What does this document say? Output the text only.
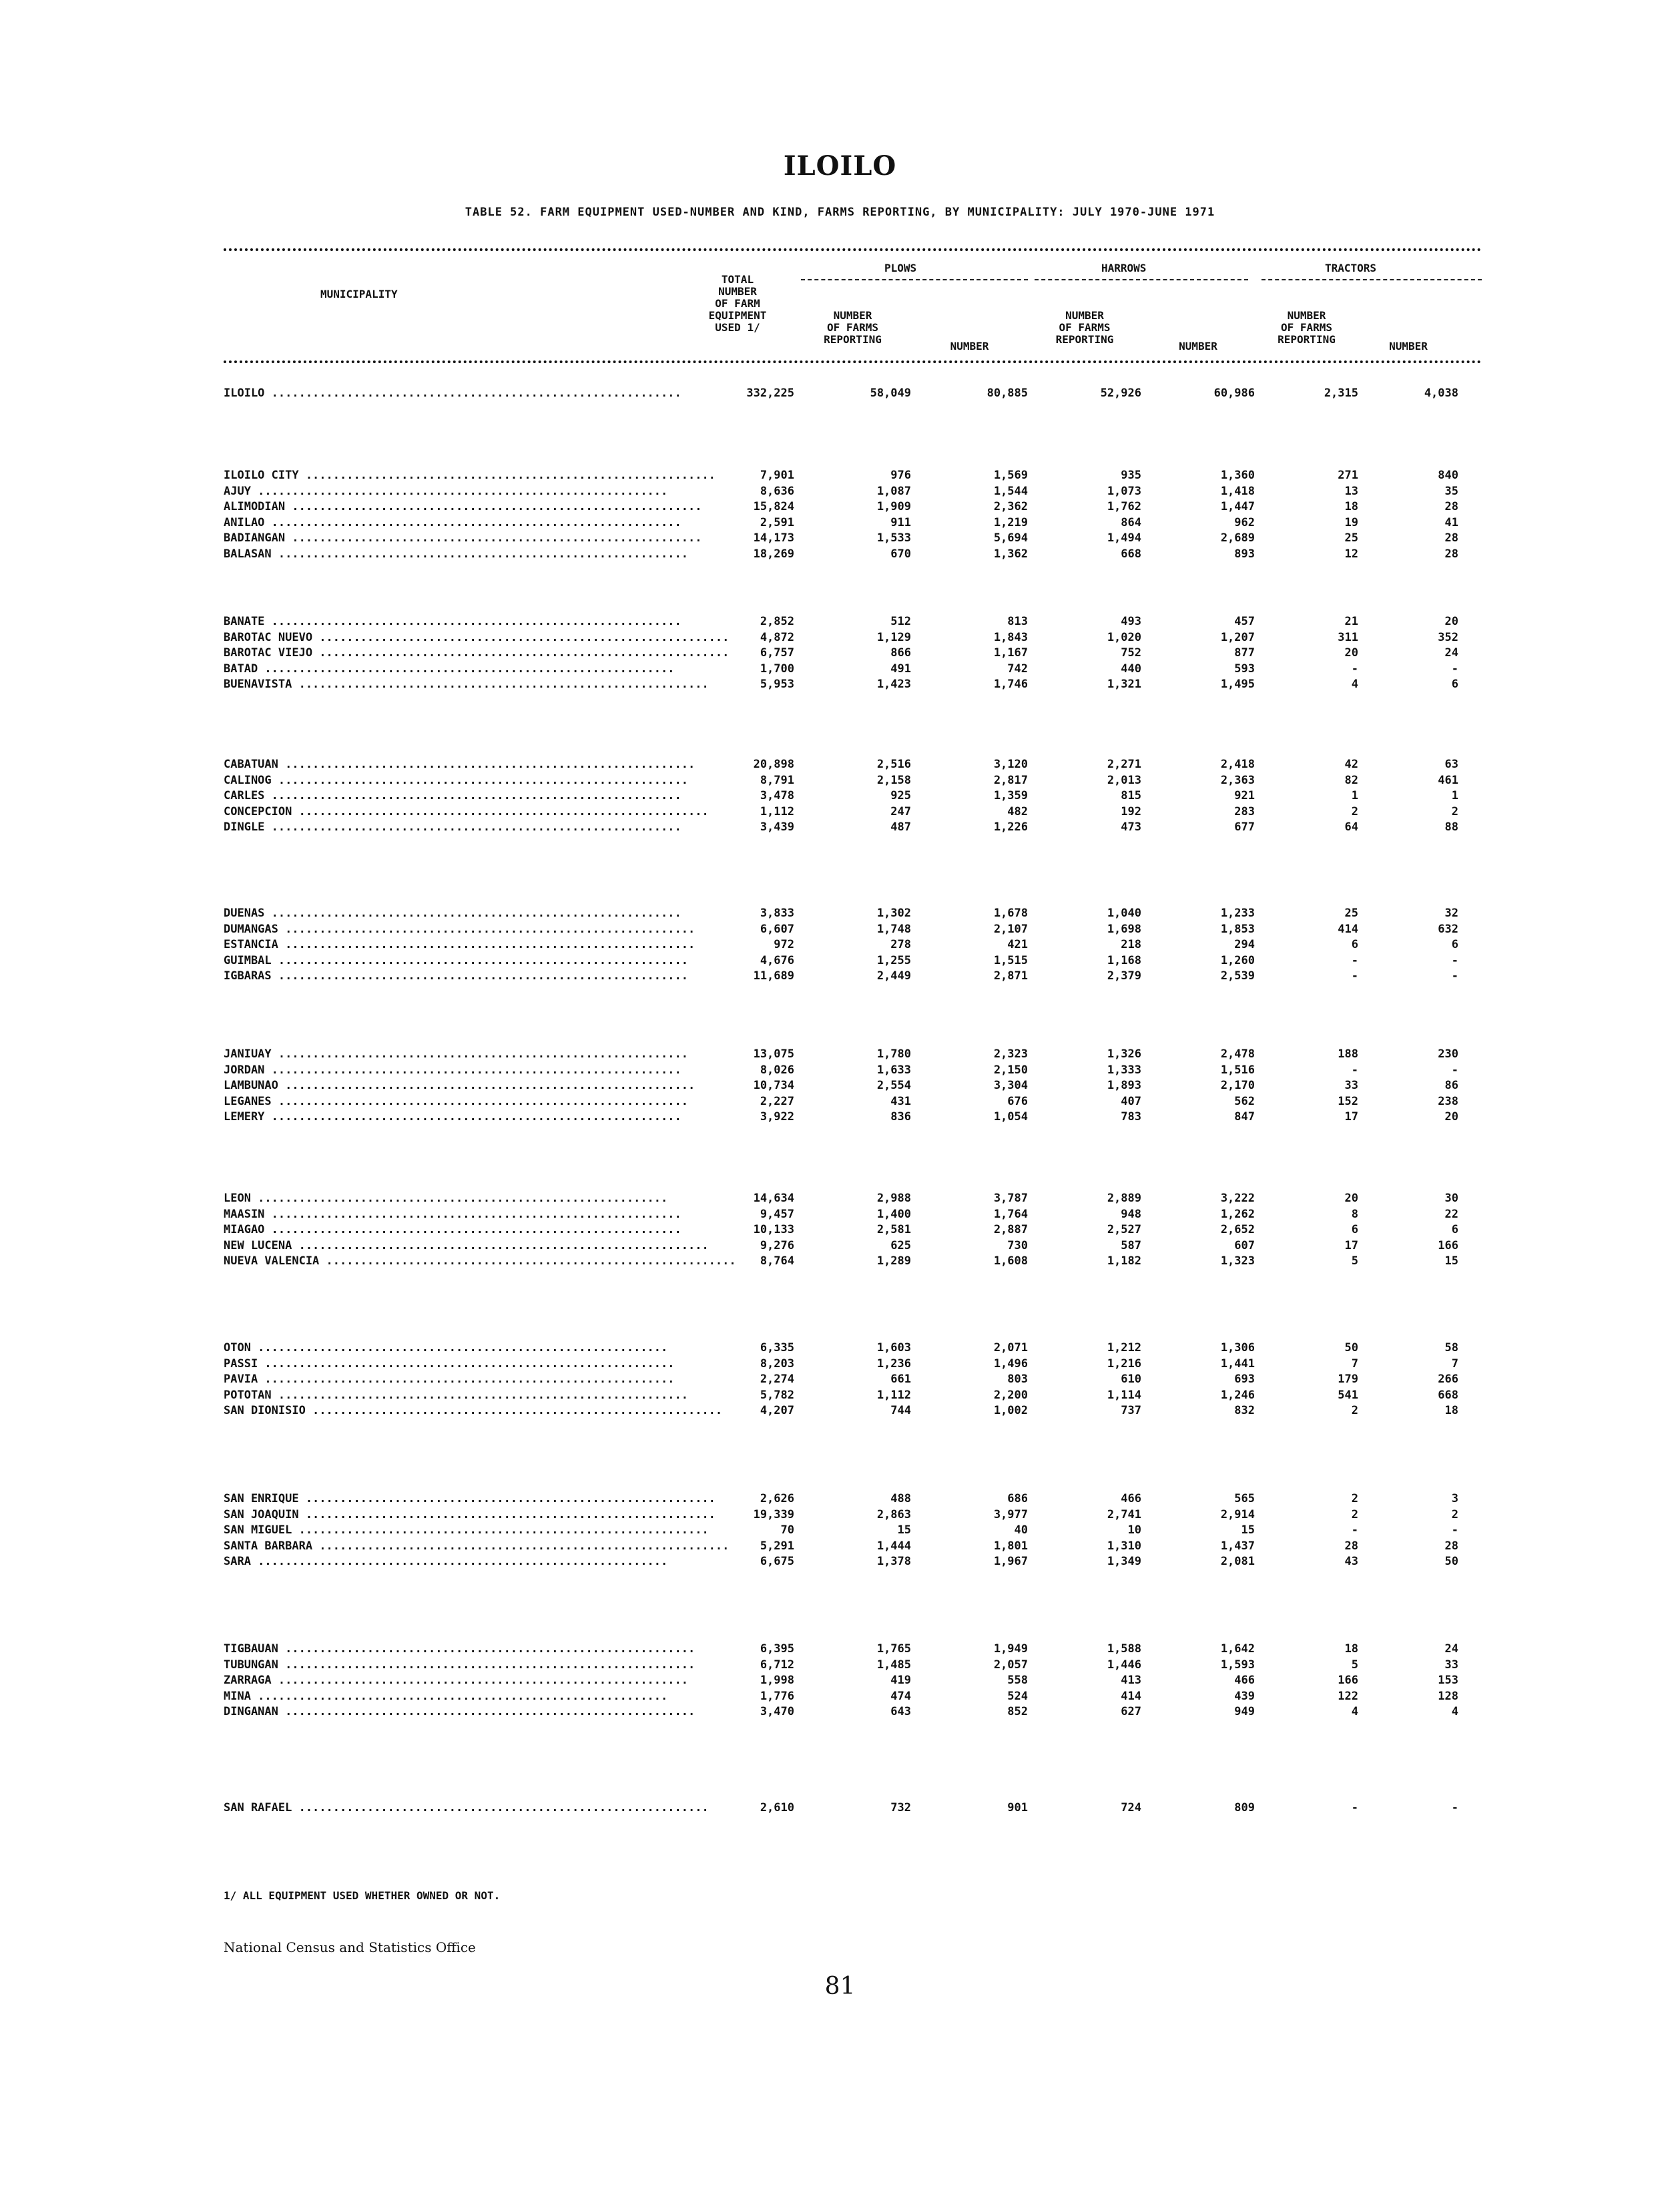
ILOILO
TABLE 52. FARM EQUIPMENT USED-NUMBER AND KIND, FARMS REPORTING, BY MUNICIPALITY: JULY 1970-JUNE 1971
MUNICIPALITY
TOTAL
NUMBER
OF FARM
EQUIPMENT
USED 1/
PLOWS	HARROWS	TRACTORS
NUMBER
OF FARMS
REPORTING
NUMBER
NUMBER
OF FARMS
REPORTING
NUMBER
NUMBER
OF FARMS
REPORTING
NUMBER
ILOILO ............................................................	332,225	58,049	80,885	52,926	60,986	2,315	4,038
ILOILO CITY ............................................................	7,901	976	1,569	935	1,360	271	840
AJUY ............................................................	8,636	1,087	1,544	1,073	1,418	13	35
ALIMODIAN ............................................................	15,824	1,909	2,362	1,762	1,447	18	28
ANILAO ............................................................	2,591	911	1,219	864	962	19	41
BADIANGAN ............................................................	14,173	1,533	5,694	1,494	2,689	25	28
BALASAN ............................................................	18,269	670	1,362	668	893	12	28
BANATE ............................................................	2,852	512	813	493	457	21	20
BAROTAC NUEVO ............................................................	4,872	1,129	1,843	1,020	1,207	311	352
BAROTAC VIEJO ............................................................	6,757	866	1,167	752	877	20	24
BATAD ............................................................	1,700	491	742	440	593	-	-
BUENAVISTA ............................................................	5,953	1,423	1,746	1,321	1,495	4	6
CABATUAN ............................................................	20,898	2,516	3,120	2,271	2,418	42	63
CALINOG ............................................................	8,791	2,158	2,817	2,013	2,363	82	461
CARLES ............................................................	3,478	925	1,359	815	921	1	1
CONCEPCION ............................................................	1,112	247	482	192	283	2	2
DINGLE ............................................................	3,439	487	1,226	473	677	64	88
DUENAS ............................................................	3,833	1,302	1,678	1,040	1,233	25	32
DUMANGAS ............................................................	6,607	1,748	2,107	1,698	1,853	414	632
ESTANCIA ............................................................	972	278	421	218	294	6	6
GUIMBAL ............................................................	4,676	1,255	1,515	1,168	1,260	-	-
IGBARAS ............................................................	11,689	2,449	2,871	2,379	2,539	-	-
JANIUAY ............................................................	13,075	1,780	2,323	1,326	2,478	188	230
JORDAN ............................................................	8,026	1,633	2,150	1,333	1,516	-	-
LAMBUNAO ............................................................	10,734	2,554	3,304	1,893	2,170	33	86
LEGANES ............................................................	2,227	431	676	407	562	152	238
LEMERY ............................................................	3,922	836	1,054	783	847	17	20
LEON ............................................................	14,634	2,988	3,787	2,889	3,222	20	30
MAASIN ............................................................	9,457	1,400	1,764	948	1,262	8	22
MIAGAO ............................................................	10,133	2,581	2,887	2,527	2,652	6	6
NEW LUCENA ............................................................	9,276	625	730	587	607	17	166
NUEVA VALENCIA ............................................................	8,764	1,289	1,608	1,182	1,323	5	15
OTON ............................................................	6,335	1,603	2,071	1,212	1,306	50	58
PASSI ............................................................	8,203	1,236	1,496	1,216	1,441	7	7
PAVIA ............................................................	2,274	661	803	610	693	179	266
POTOTAN ............................................................	5,782	1,112	2,200	1,114	1,246	541	668
SAN DIONISIO ............................................................	4,207	744	1,002	737	832	2	18
SAN ENRIQUE ............................................................	2,626	488	686	466	565	2	3
SAN JOAQUIN ............................................................	19,339	2,863	3,977	2,741	2,914	2	2
SAN MIGUEL ............................................................	70	15	40	10	15	-	-
SANTA BARBARA ............................................................	5,291	1,444	1,801	1,310	1,437	28	28
SARA ............................................................	6,675	1,378	1,967	1,349	2,081	43	50
TIGBAUAN ............................................................	6,395	1,765	1,949	1,588	1,642	18	24
TUBUNGAN ............................................................	6,712	1,485	2,057	1,446	1,593	5	33
ZARRAGA ............................................................	1,998	419	558	413	466	166	153
MINA ............................................................	1,776	474	524	414	439	122	128
DINGANAN ............................................................	3,470	643	852	627	949	4	4
SAN RAFAEL ............................................................	2,610	732	901	724	809	-	-
1/ ALL EQUIPMENT USED WHETHER OWNED OR NOT.
National Census and Statistics Office
81
